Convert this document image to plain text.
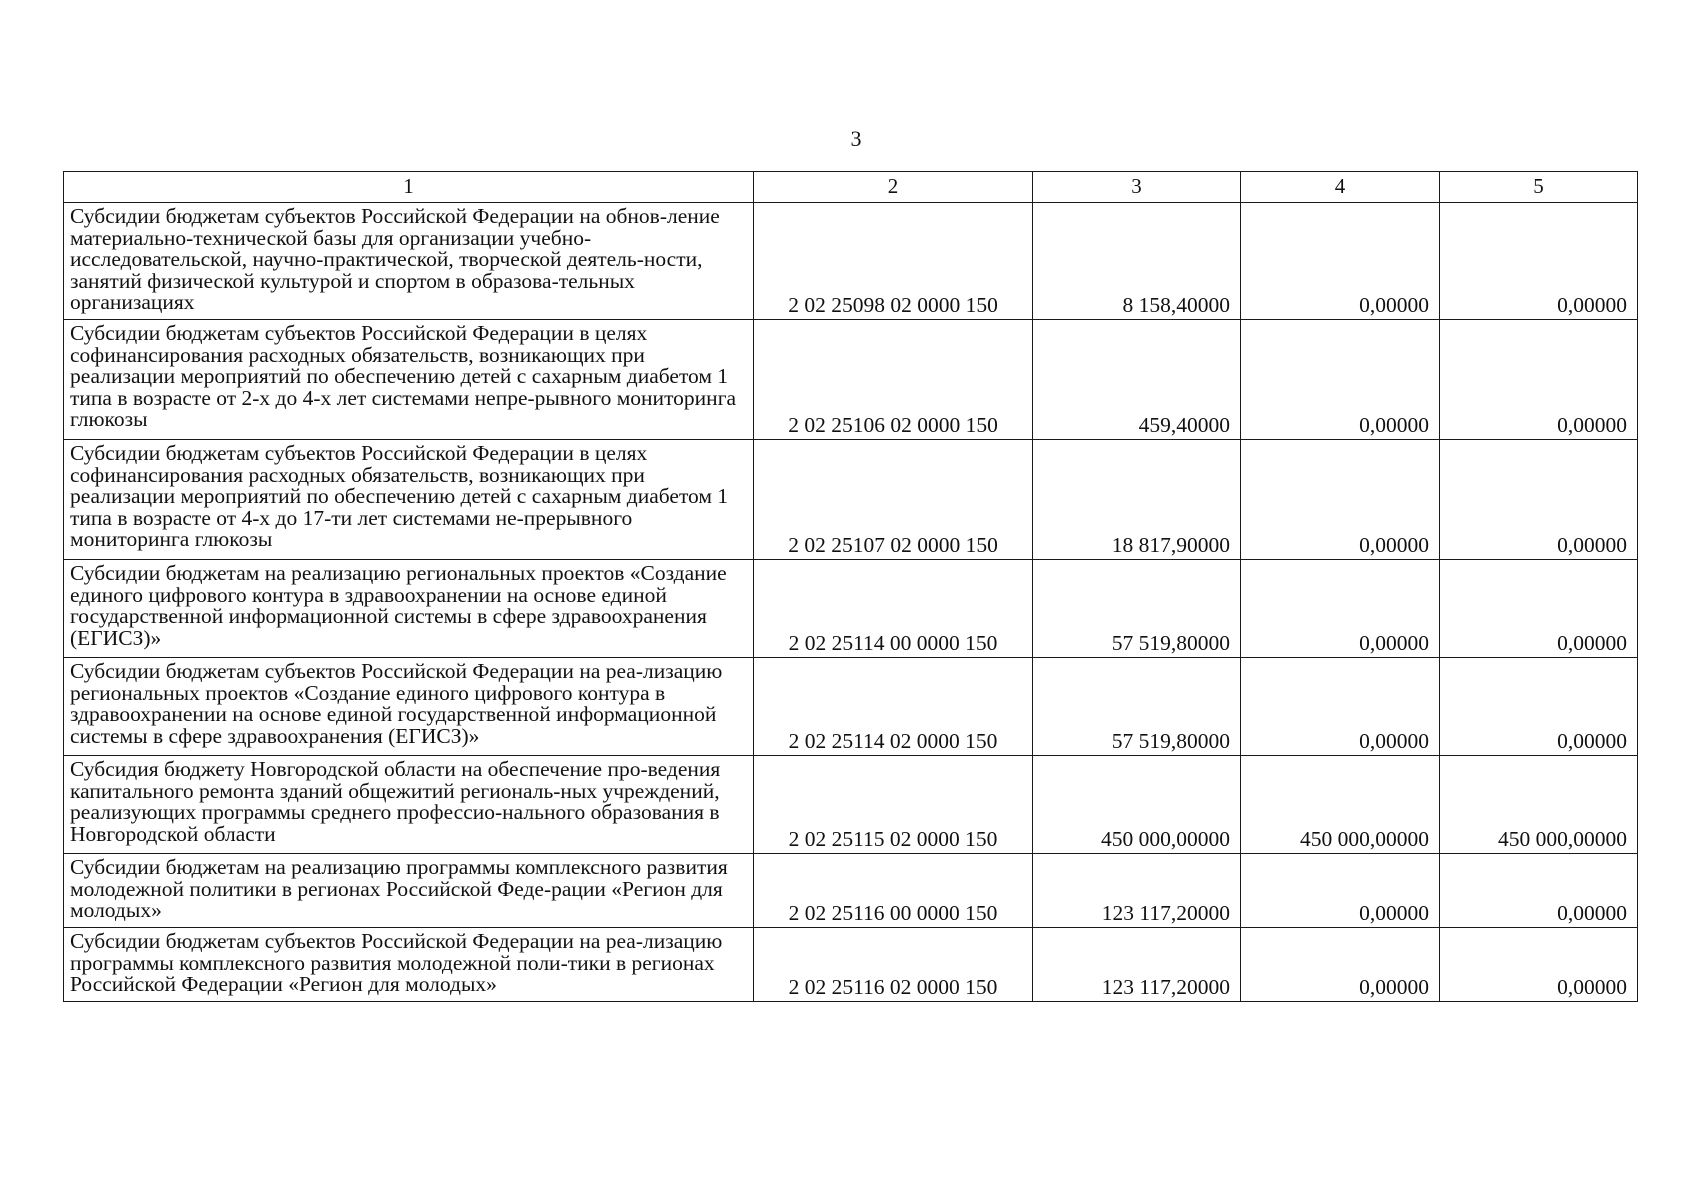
3
1	2	3	4	5
Субсидии бюджетам субъектов Российской Федерации на обнов-ление материально-технической базы для организации учебно-исследовательской, научно-практической, творческой деятель-ности, занятий физической культурой и спортом в образова-тельных организациях	2 02 25098 02 0000 150	8 158,40000	0,00000	0,00000
Субсидии бюджетам субъектов Российской Федерации в целях софинансирования расходных обязательств, возникающих при реализации мероприятий по обеспечению детей с сахарным диабетом 1 типа в возрасте от 2-х до 4-х лет системами непре-рывного мониторинга глюкозы	2 02 25106 02 0000 150	459,40000	0,00000	0,00000
Субсидии бюджетам субъектов Российской Федерации в целях софинансирования расходных обязательств, возникающих при реализации мероприятий по обеспечению детей с сахарным диабетом 1 типа в возрасте от 4-х до 17-ти лет системами не-прерывного мониторинга глюкозы	2 02 25107 02 0000 150	18 817,90000	0,00000	0,00000
Субсидии бюджетам на реализацию региональных проектов «Создание единого цифрового контура в здравоохранении на основе единой государственной информационной системы в сфере здравоохранения (ЕГИСЗ)»	2 02 25114 00 0000 150	57 519,80000	0,00000	0,00000
Субсидии бюджетам субъектов Российской Федерации на реа-лизацию региональных проектов «Создание единого цифрового контура в здравоохранении на основе единой государственной информационной системы в сфере здравоохранения (ЕГИСЗ)»	2 02 25114 02 0000 150	57 519,80000	0,00000	0,00000
Субсидия бюджету Новгородской области на обеспечение про-ведения капитального ремонта зданий общежитий региональ-ных учреждений, реализующих программы среднего профессио-нального образования в Новгородской области	2 02 25115 02 0000 150	450 000,00000	450 000,00000	450 000,00000
Субсидии бюджетам на реализацию программы комплексного развития молодежной политики в регионах Российской Феде-рации «Регион для молодых»	2 02 25116 00 0000 150	123 117,20000	0,00000	0,00000
Субсидии бюджетам субъектов Российской Федерации на реа-лизацию программы комплексного развития молодежной поли-тики в регионах Российской Федерации «Регион для молодых»	2 02 25116 02 0000 150	123 117,20000	0,00000	0,00000
